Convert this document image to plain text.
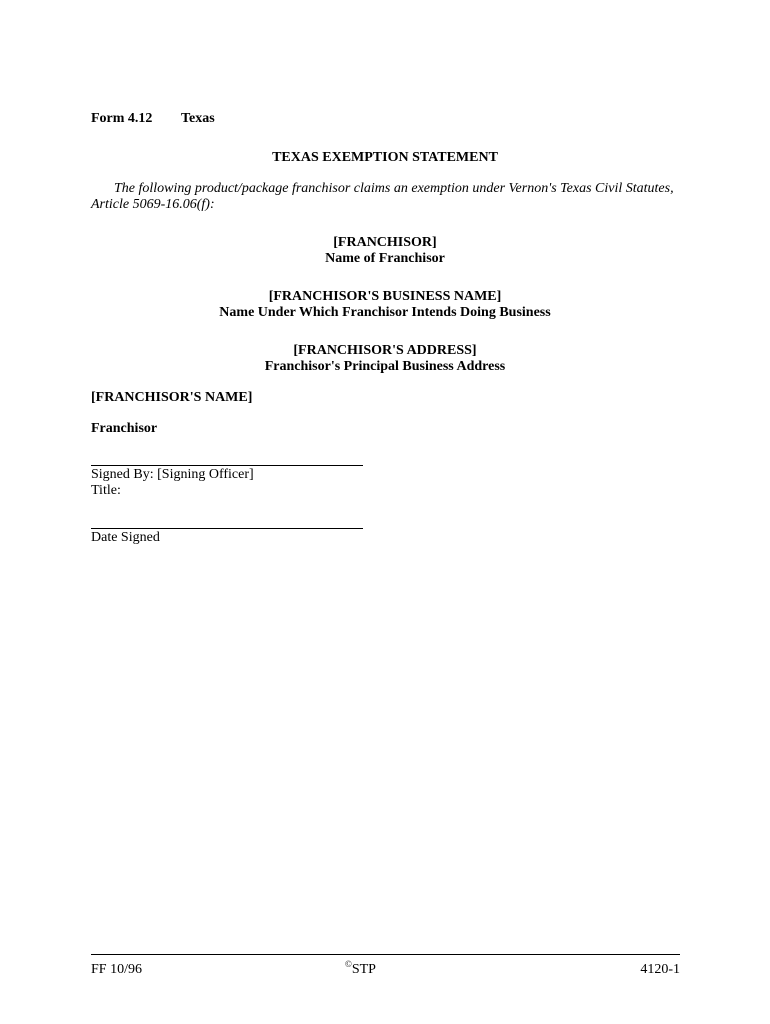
Form 4.12 Texas
TEXAS EXEMPTION STATEMENT
The following product/package franchisor claims an exemption under Vernon's Texas Civil Statutes, Article 5069-16.06(f):
[FRANCHISOR]
Name of Franchisor
[FRANCHISOR'S BUSINESS NAME]
Name Under Which Franchisor Intends Doing Business
[FRANCHISOR'S ADDRESS]
Franchisor's Principal Business Address
[FRANCHISOR'S NAME]
Franchisor
Signed By: [Signing Officer]
Title:
Date Signed
FF 10/96	©STP	4120-1
